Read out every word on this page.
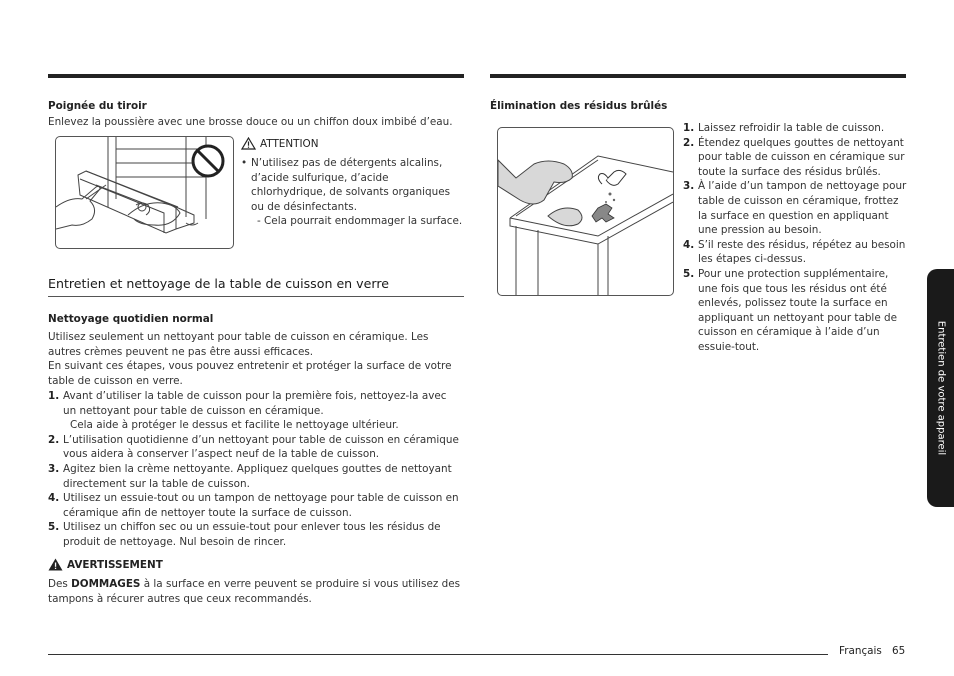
Poignée du tiroir
Enlevez la poussière avec une brosse douce ou un chiffon doux imbibé d’eau.
ATTENTION
• N’utilisez pas de détergents alcalins, d’acide sulfurique, d’acide chlorhydrique, de solvants organiques ou de désinfectants.
- Cela pourrait endommager la surface.
Entretien et nettoyage de la table de cuisson en verre
Nettoyage quotidien normal
Utilisez seulement un nettoyant pour table de cuisson en céramique. Les autres crèmes peuvent ne pas être aussi efficaces.
En suivant ces étapes, vous pouvez entretenir et protéger la surface de votre table de cuisson en verre.
1. Avant d’utiliser la table de cuisson pour la première fois, nettoyez-la avec un nettoyant pour table de cuisson en céramique.
Cela aide à protéger le dessus et facilite le nettoyage ultérieur.
2. L’utilisation quotidienne d’un nettoyant pour table de cuisson en céramique vous aidera à conserver l’aspect neuf de la table de cuisson.
3. Agitez bien la crème nettoyante. Appliquez quelques gouttes de nettoyant directement sur la table de cuisson.
4. Utilisez un essuie-tout ou un tampon de nettoyage pour table de cuisson en céramique afin de nettoyer toute la surface de cuisson.
5. Utilisez un chiffon sec ou un essuie-tout pour enlever tous les résidus de produit de nettoyage. Nul besoin de rincer.
AVERTISSEMENT
Des DOMMAGES à la surface en verre peuvent se produire si vous utilisez des tampons à récurer autres que ceux recommandés.
Élimination des résidus brûlés
1. Laissez refroidir la table de cuisson.
2. Étendez quelques gouttes de nettoyant pour table de cuisson en céramique sur toute la surface des résidus brûlés.
3. À l’aide d’un tampon de nettoyage pour table de cuisson en céramique, frottez la surface en question en appliquant une pression au besoin.
4. S’il reste des résidus, répétez au besoin les étapes ci-dessus.
5. Pour une protection supplémentaire, une fois que tous les résidus ont été enlevés, polissez toute la surface en appliquant un nettoyant pour table de cuisson en céramique à l’aide d’un essuie-tout.	Entretien de votre appareil
Français 65
